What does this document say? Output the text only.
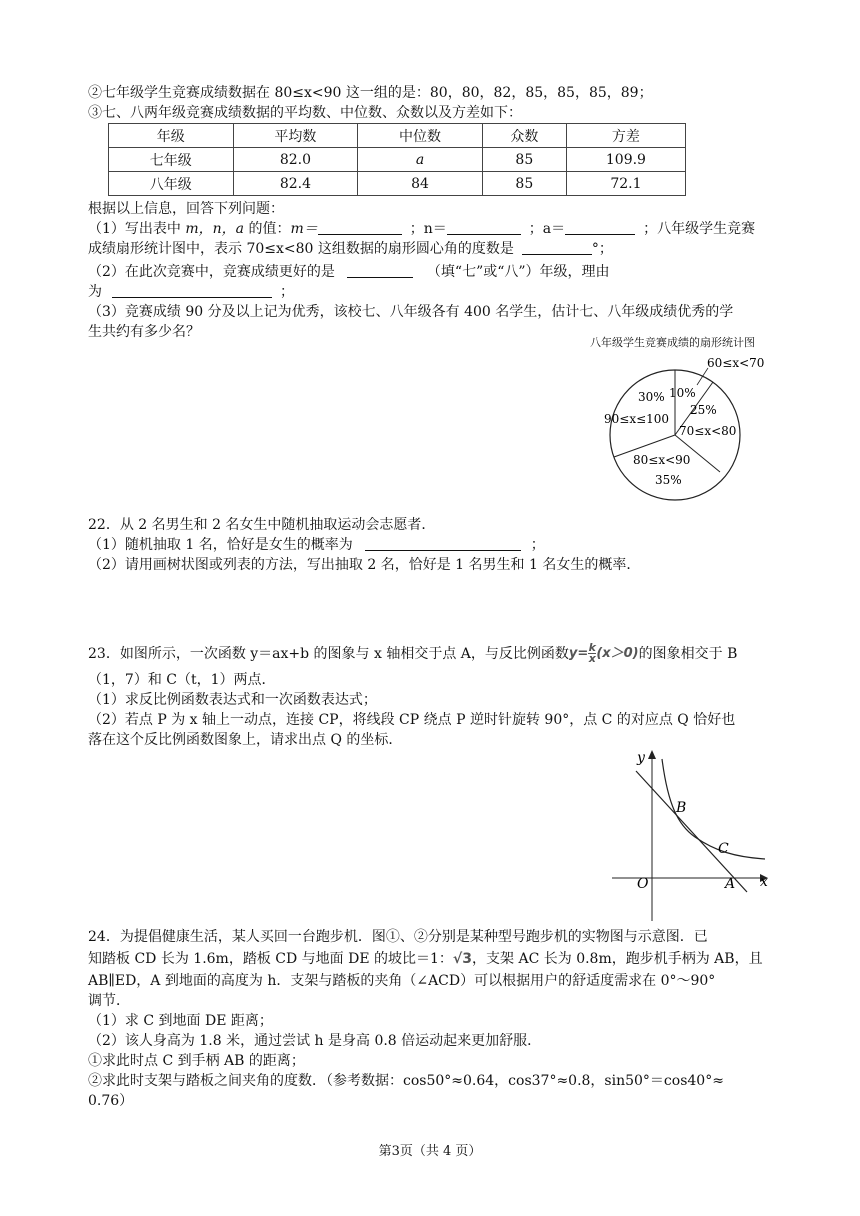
②七年级学生竞赛成绩数据在 80≤x<90 这一组的是：80，80，82，85，85，85，89；
③七、八两年级竞赛成绩数据的平均数、中位数、众数以及方差如下：
年级	平均数	中位数	众数	方差
七年级	82.0	a	85	109.9
八年级	82.4	84	85	72.1
根据以上信息，回答下列问题：
（1）写出表中 m，n，a 的值：m＝	；n＝	；a＝	；八年级学生竞赛
成绩扇形统计图中，表示 70≤x<80 这组数据的扇形圆心角的度数是	°；
（2）在此次竞赛中，竞赛成绩更好的是	（填“七”或“八”）年级，理由
为	；
（3）竞赛成绩 90 分及以上记为优秀，该校七、八年级各有 400 名学生，估计七、八年级成绩优秀的学
生共约有多少名？
八年级学生竞赛成绩的扇形统计图
60≤x<70
10%
25%
70≤x<80
30%
90≤x≤100
80≤x<90
35%
22．从 2 名男生和 2 名女生中随机抽取运动会志愿者．
（1）随机抽取 1 名，恰好是女生的概率为	；
（2）请用画树状图或列表的方法，写出抽取 2 名，恰好是 1 名男生和 1 名女生的概率．
23．如图所示，一次函数 y＝ax+b 的图象与 x 轴相交于点 A，与反比例函数$y= \frac{k}{x} (x>0)$的图象相交于 B
（1，7）和 C（t，1）两点．
（1）求反比例函数表达式和一次函数表达式；
（2）若点 P 为 x 轴上一动点，连接 CP，将线段 CP 绕点 P 逆时针旋转 90°，点 C 的对应点 Q 恰好也
落在这个反比例函数图象上，请求出点 Q 的坐标．
y
x
O	A
B
C
24．为提倡健康生活，某人买回一台跑步机．图①、②分别是某种型号跑步机的实物图与示意图．已
知踏板 CD 长为 1.6m，踏板 CD 与地面 DE 的坡比＝1：√3，支架 AC 长为 0.8m，跑步机手柄为 AB，且
AB∥ED，A 到地面的高度为 h．支架与踏板的夹角（∠ACD）可以根据用户的舒适度需求在 0°～90°
调节．
（1）求 C 到地面 DE 距离；
（2）该人身高为 1.8 米，通过尝试 h 是身高 0.8 倍运动起来更加舒服．
①求此时点 C 到手柄 AB 的距离；
②求此时支架与踏板之间夹角的度数．（参考数据：cos50°≈0.64，cos37°≈0.8，sin50°＝cos40°≈
0.76）
第3页（共 4 页）
